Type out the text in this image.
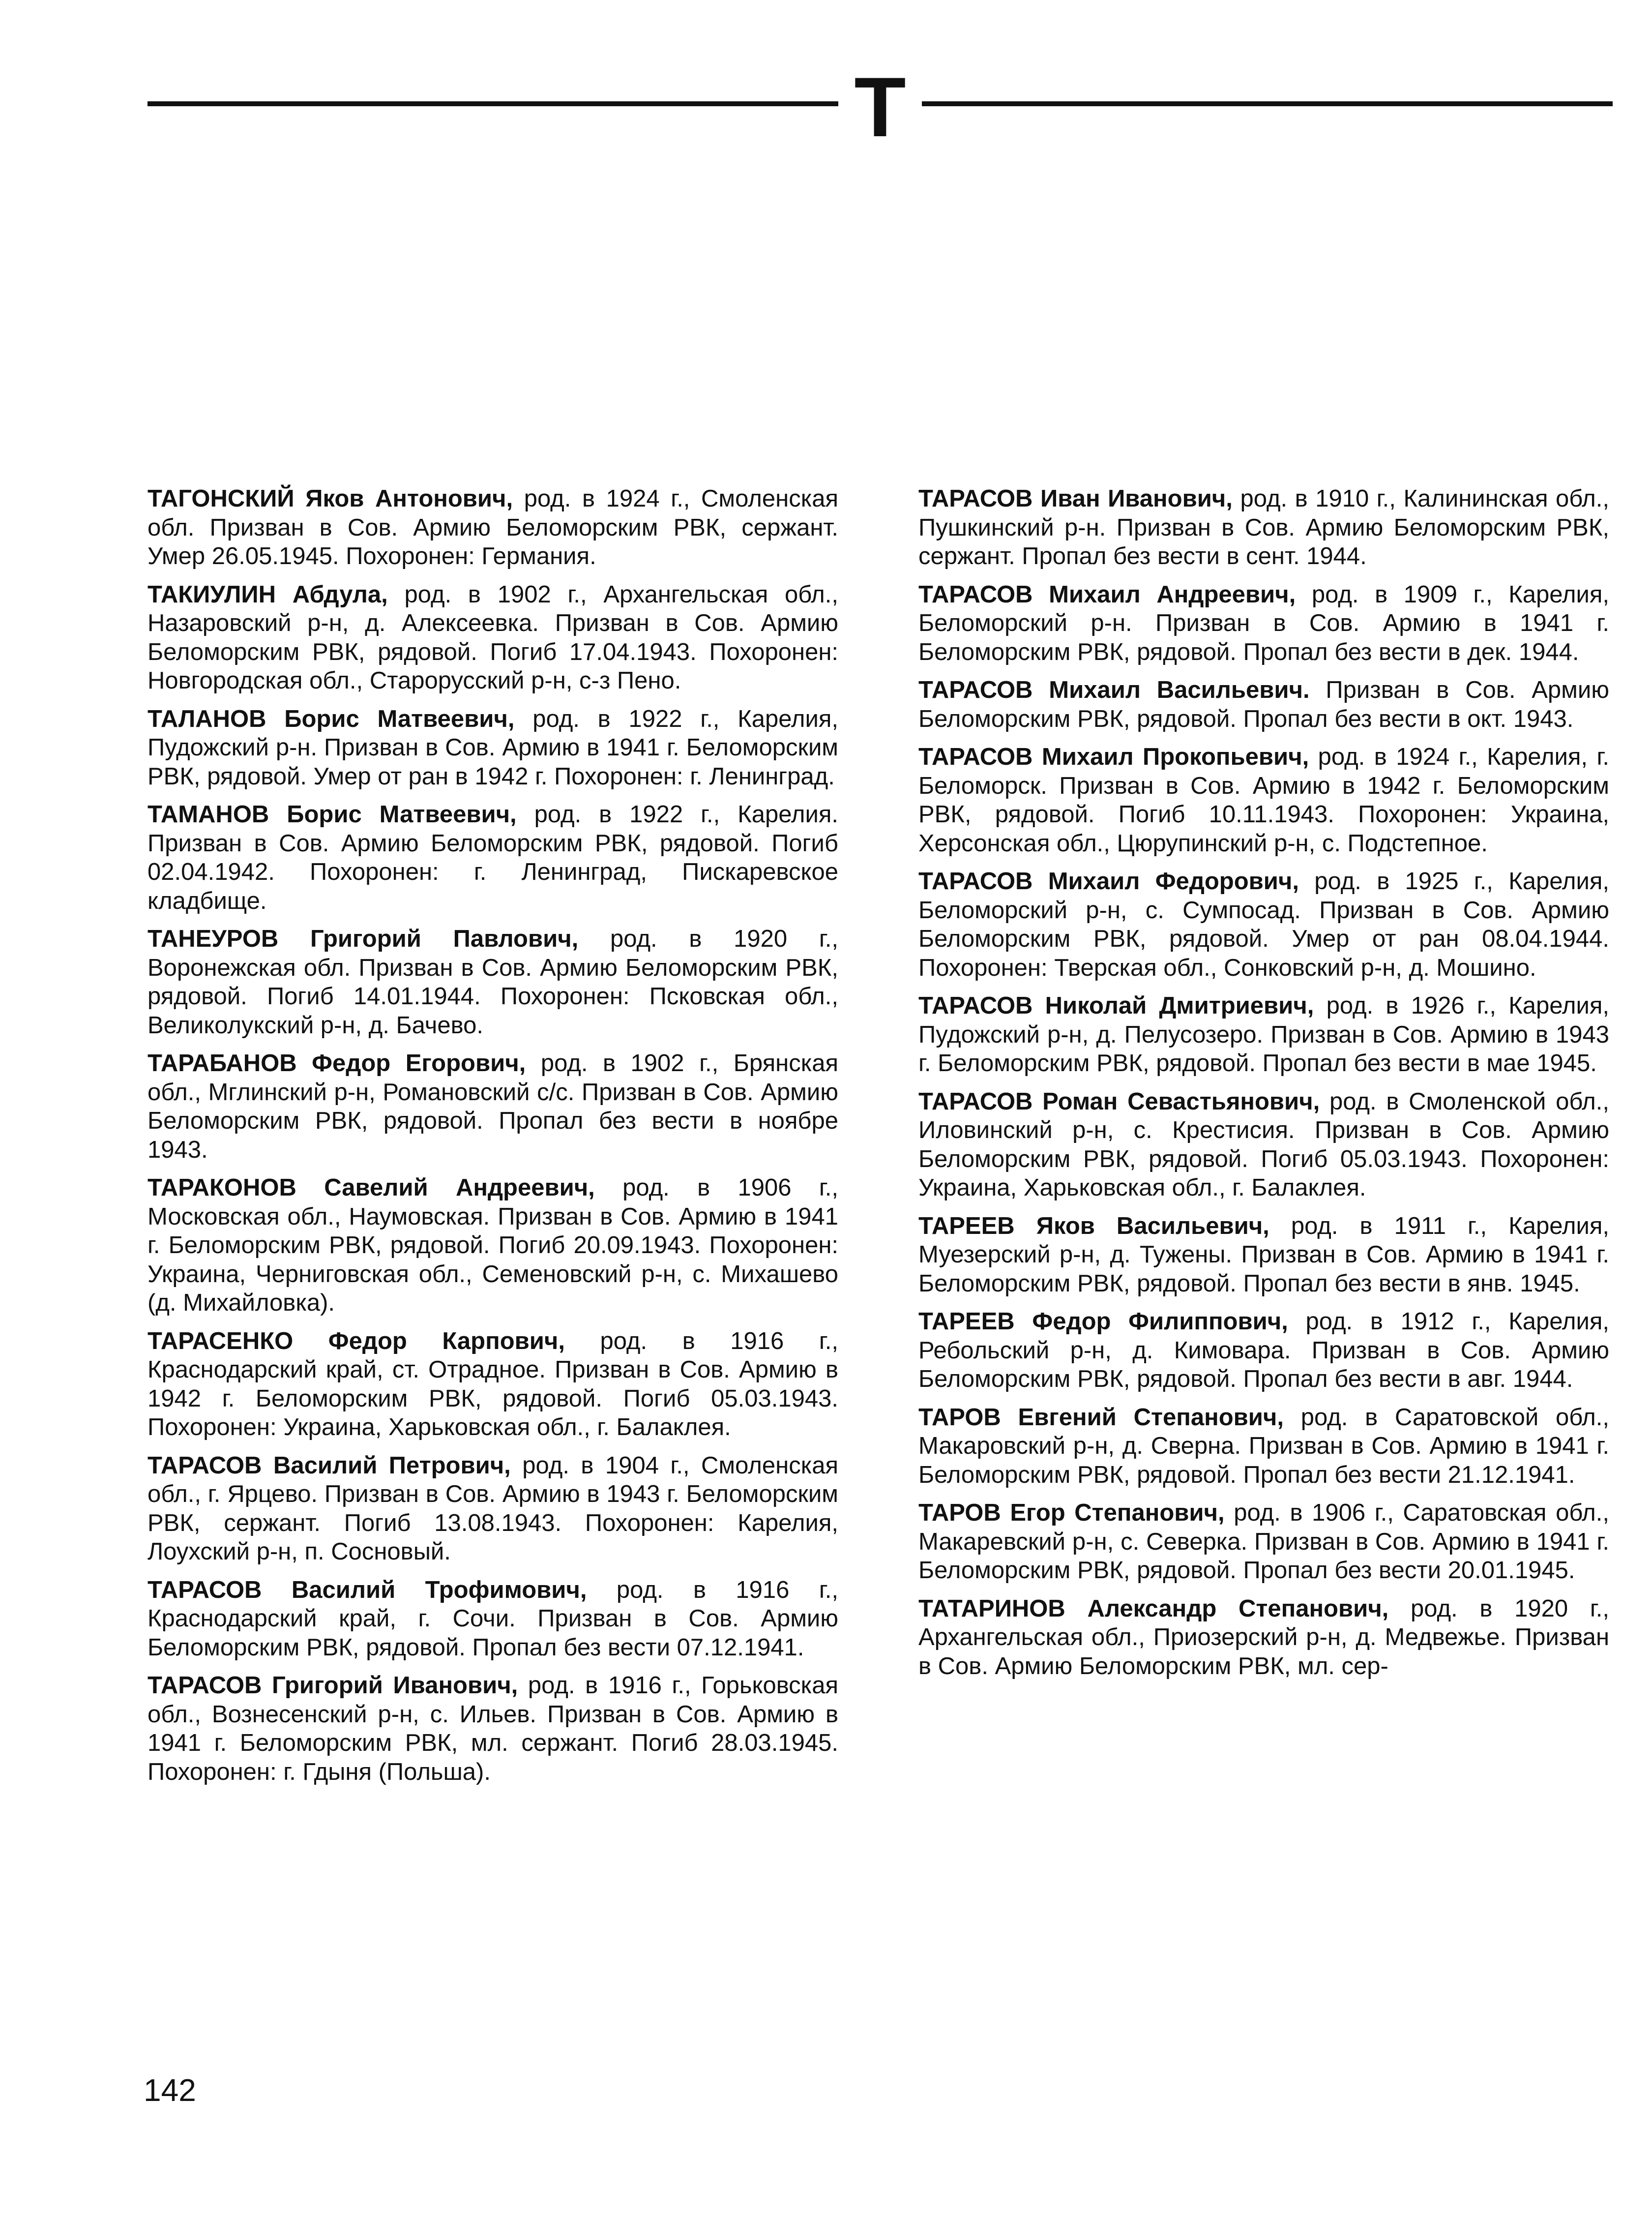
Т

ТАГОНСКИЙ Яков Антонович, род. в 1924 г., Смоленская обл. Призван в Сов. Армию Беломорским РВК, сержант. Умер 26.05.1945. Похоронен: Германия.

ТАКИУЛИН Абдула, род. в 1902 г., Архангельская обл., Назаровский р-н, д. Алексеевка. Призван в Сов. Армию Беломорским РВК, рядовой. Погиб 17.04.1943. Похоронен: Новгородская обл., Старорусский р-н, с-з Пено.

ТАЛАНОВ Борис Матвеевич, род. в 1922 г., Карелия, Пудожский р-н. Призван в Сов. Армию в 1941 г. Беломорским РВК, рядовой. Умер от ран в 1942 г. Похоронен: г. Ленинград.

ТАМАНОВ Борис Матвеевич, род. в 1922 г., Карелия. Призван в Сов. Армию Беломорским РВК, рядовой. Погиб 02.04.1942. Похоронен: г. Ленинград, Пискаревское кладбище.

ТАНЕУРОВ Григорий Павлович, род. в 1920 г., Воронежская обл. Призван в Сов. Армию Беломорским РВК, рядовой. Погиб 14.01.1944. Похоронен: Псковская обл., Великолукский р-н, д. Бачево.

ТАРАБАНОВ Федор Егорович, род. в 1902 г., Брянская обл., Мглинский р-н, Романовский с/с. Призван в Сов. Армию Беломорским РВК, рядовой. Пропал без вести в ноябре 1943.

ТАРАКОНОВ Савелий Андреевич, род. в 1906 г., Московская обл., Наумовская. Призван в Сов. Армию в 1941 г. Беломорским РВК, рядовой. Погиб 20.09.1943. Похоронен: Украина, Черниговская обл., Семеновский р-н, с. Михашево (д. Михайловка).

ТАРАСЕНКО Федор Карпович, род. в 1916 г., Краснодарский край, ст. Отрадное. Призван в Сов. Армию в 1942 г. Беломорским РВК, рядовой. Погиб 05.03.1943. Похоронен: Украина, Харьковская обл., г. Балаклея.

ТАРАСОВ Василий Петрович, род. в 1904 г., Смоленская обл., г. Ярцево. Призван в Сов. Армию в 1943 г. Беломорским РВК, сержант. Погиб 13.08.1943. Похоронен: Карелия, Лоухский р-н, п. Сосновый.

ТАРАСОВ Василий Трофимович, род. в 1916 г., Краснодарский край, г. Сочи. Призван в Сов. Армию Беломорским РВК, рядовой. Пропал без вести 07.12.1941.

ТАРАСОВ Григорий Иванович, род. в 1916 г., Горьковская обл., Вознесенский р-н, с. Ильев. Призван в Сов. Армию в 1941 г. Беломорским РВК, мл. сержант. Погиб 28.03.1945. Похоронен: г. Гдыня (Польша).

ТАРАСОВ Иван Иванович, род. в 1910 г., Калининская обл., Пушкинский р-н. Призван в Сов. Армию Беломорским РВК, сержант. Пропал без вести в сент. 1944.

ТАРАСОВ Михаил Андреевич, род. в 1909 г., Карелия, Беломорский р-н. Призван в Сов. Армию в 1941 г. Беломорским РВК, рядовой. Пропал без вести в дек. 1944.

ТАРАСОВ Михаил Васильевич. Призван в Сов. Армию Беломорским РВК, рядовой. Пропал без вести в окт. 1943.

ТАРАСОВ Михаил Прокопьевич, род. в 1924 г., Карелия, г. Беломорск. Призван в Сов. Армию в 1942 г. Беломорским РВК, рядовой. Погиб 10.11.1943. Похоронен: Украина, Херсонская обл., Цюрупинский р-н, с. Подстепное.

ТАРАСОВ Михаил Федорович, род. в 1925 г., Карелия, Беломорский р-н, с. Сумпосад. Призван в Сов. Армию Беломорским РВК, рядовой. Умер от ран 08.04.1944. Похоронен: Тверская обл., Сонковский р-н, д. Мошино.

ТАРАСОВ Николай Дмитриевич, род. в 1926 г., Карелия, Пудожский р-н, д. Пелусозеро. Призван в Сов. Армию в 1943 г. Беломорским РВК, рядовой. Пропал без вести в мае 1945.

ТАРАСОВ Роман Севастьянович, род. в Смоленской обл., Иловинский р-н, с. Крестисия. Призван в Сов. Армию Беломорским РВК, рядовой. Погиб 05.03.1943. Похоронен: Украина, Харьковская обл., г. Балаклея.

ТАРЕЕВ Яков Васильевич, род. в 1911 г., Карелия, Муезерский р-н, д. Тужены. Призван в Сов. Армию в 1941 г. Беломорским РВК, рядовой. Пропал без вести в янв. 1945.

ТАРЕЕВ Федор Филиппович, род. в 1912 г., Карелия, Ребольский р-н, д. Кимовара. Призван в Сов. Армию Беломорским РВК, рядовой. Пропал без вести в авг. 1944.

ТАРОВ Евгений Степанович, род. в Саратовской обл., Макаровский р-н, д. Сверна. Призван в Сов. Армию в 1941 г. Беломорским РВК, рядовой. Пропал без вести 21.12.1941.

ТАРОВ Егор Степанович, род. в 1906 г., Саратовская обл., Макаревский р-н, с. Северка. Призван в Сов. Армию в 1941 г. Беломорским РВК, рядовой. Пропал без вести 20.01.1945.

ТАТАРИНОВ Александр Степанович, род. в 1920 г., Архангельская обл., Приозерский р-н, д. Медвежье. Призван в Сов. Армию Беломорским РВК, мл. сер-

142
